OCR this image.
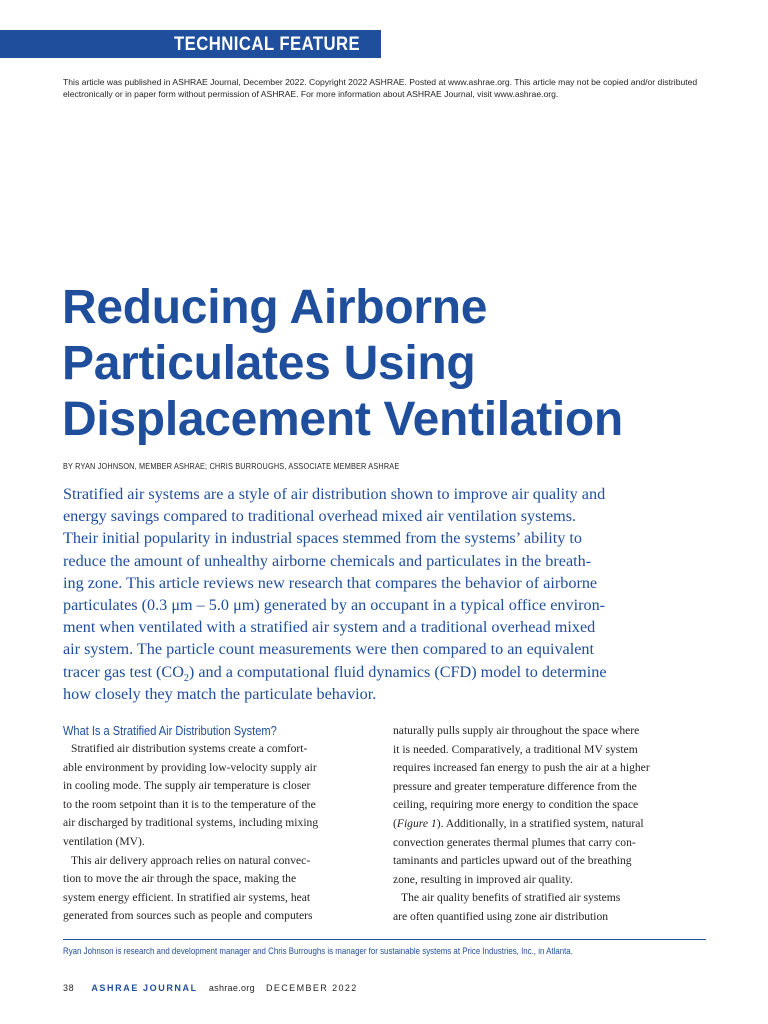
TECHNICAL FEATURE
This article was published in ASHRAE Journal, December 2022. Copyright 2022 ASHRAE. Posted at www.ashrae.org. This article may not be copied and/or distributed electronically or in paper form without permission of ASHRAE. For more information about ASHRAE Journal, visit www.ashrae.org.
Reducing Airborne
Particulates Using
Displacement Ventilation
BY RYAN JOHNSON, MEMBER ASHRAE; CHRIS BURROUGHS, ASSOCIATE MEMBER ASHRAE
Stratified air systems are a style of air distribution shown to improve air quality and
energy savings compared to traditional overhead mixed air ventilation systems.
Their initial popularity in industrial spaces stemmed from the systems’ ability to
reduce the amount of unhealthy airborne chemicals and particulates in the breath-
ing zone. This article reviews new research that compares the behavior of airborne
particulates (0.3 μm – 5.0 μm) generated by an occupant in a typical office environ-
ment when ventilated with a stratified air system and a traditional overhead mixed
air system. The particle count measurements were then compared to an equivalent
tracer gas test $(CO_2)$ and a computational fluid dynamics (CFD) model to determine
how closely they match the particulate behavior.
What Is a Stratified Air Distribution System?
Stratified air distribution systems create a comfort-
able environment by providing low-velocity supply air
in cooling mode. The supply air temperature is closer
to the room setpoint than it is to the temperature of the
air discharged by traditional systems, including mixing
ventilation (MV).
This air delivery approach relies on natural convec-
tion to move the air through the space, making the
system energy efficient. In stratified air systems, heat
generated from sources such as people and computers
naturally pulls supply air throughout the space where
it is needed. Comparatively, a traditional MV system
requires increased fan energy to push the air at a higher
pressure and greater temperature difference from the
ceiling, requiring more energy to condition the space
(Figure 1). Additionally, in a stratified system, natural
convection generates thermal plumes that carry con-
taminants and particles upward out of the breathing
zone, resulting in improved air quality.
The air quality benefits of stratified air systems
are often quantified using zone air distribution
Ryan Johnson is research and development manager and Chris Burroughs is manager for sustainable systems at Price Industries, Inc., in Atlanta.
38 ASHRAE JOURNAL ashrae.org DECEMBER 2022
